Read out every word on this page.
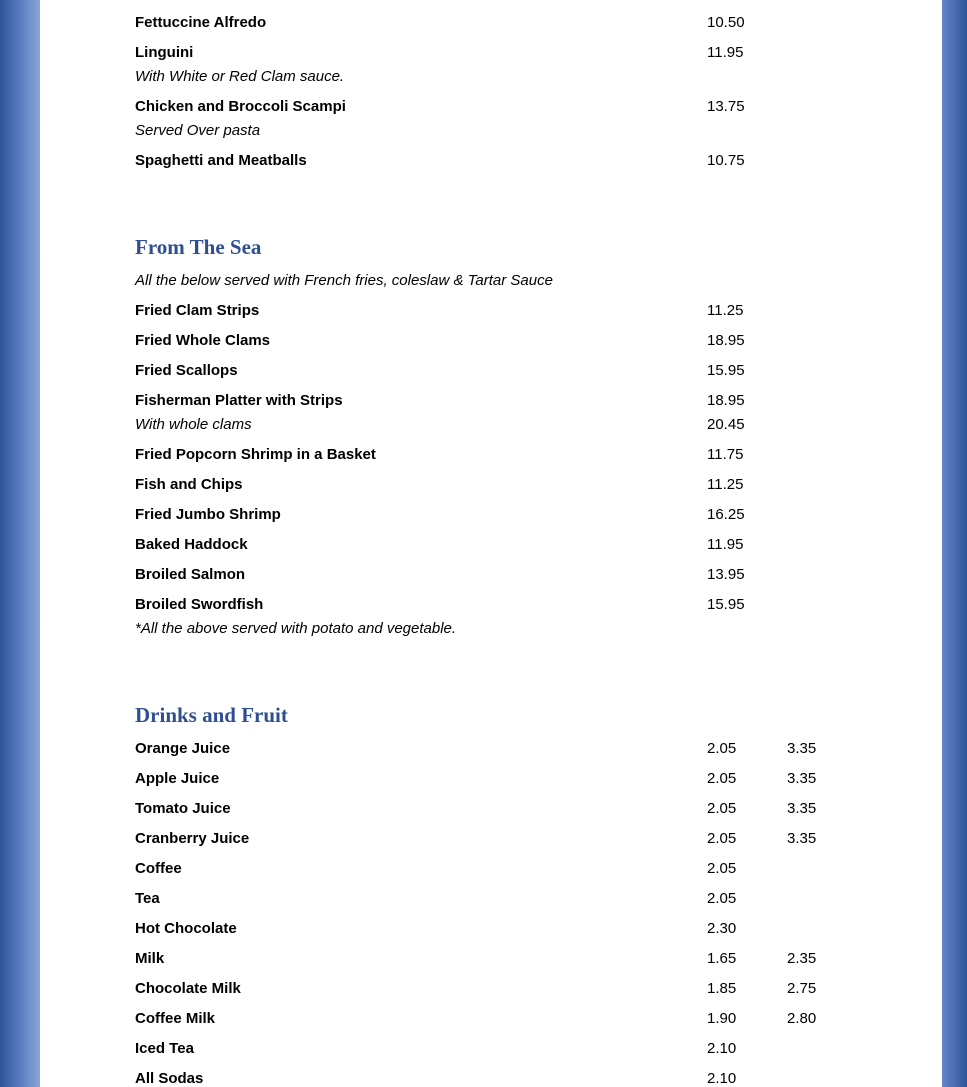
Fettuccine Alfredo	10.50
Linguini	11.95
With White or Red Clam sauce.
Chicken and Broccoli Scampi	13.75
Served Over pasta
Spaghetti and Meatballs	10.75
From The Sea
All the below served with French fries, coleslaw & Tartar Sauce
Fried Clam Strips	11.25
Fried Whole Clams	18.95
Fried Scallops	15.95
Fisherman Platter with Strips	18.95
With whole clams	20.45
Fried Popcorn Shrimp in a Basket	11.75
Fish and Chips	11.25
Fried Jumbo Shrimp	16.25
Baked Haddock	11.95
Broiled Salmon	13.95
Broiled Swordfish	15.95
*All the above served with potato and vegetable.
Drinks and Fruit
Orange Juice	2.05	3.35
Apple Juice	2.05	3.35
Tomato Juice	2.05	3.35
Cranberry Juice	2.05	3.35
Coffee	2.05
Tea	2.05
Hot Chocolate	2.30
Milk	1.65	2.35
Chocolate Milk	1.85	2.75
Coffee Milk	1.90	2.80
Iced Tea	2.10
All Sodas	2.10
